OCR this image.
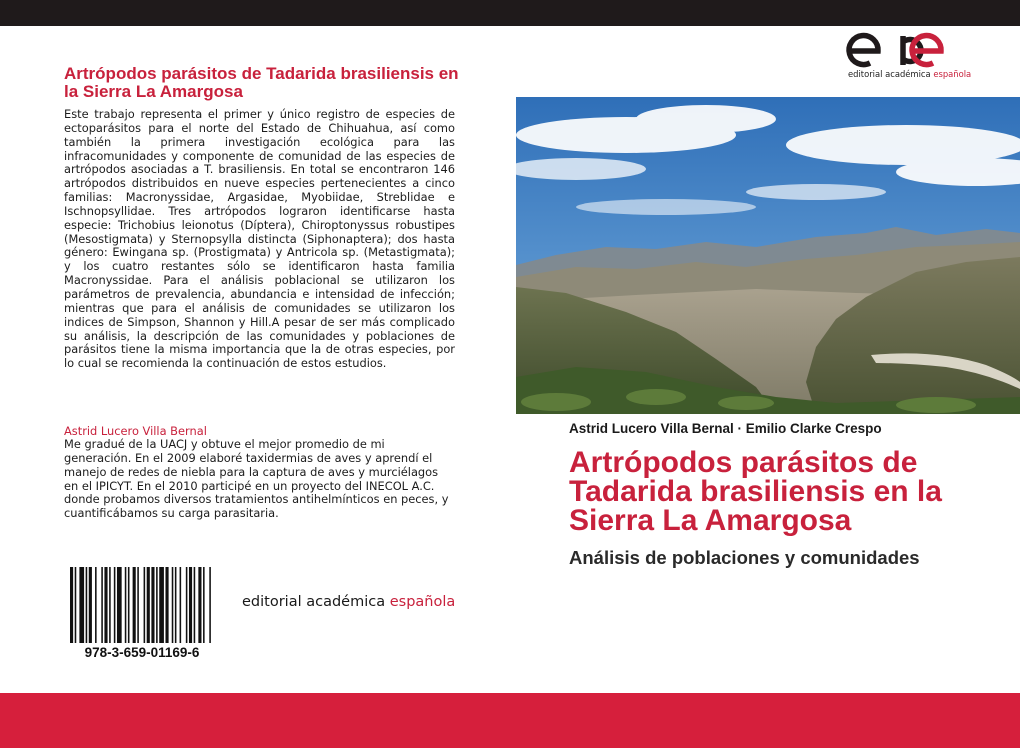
Artrópodos parásitos de Tadarida brasiliensis en la Sierra La Amargosa
Este trabajo representa el primer y único registro de especies de ectoparásitos para el norte del Estado de Chihuahua, así como también la primera investigación ecológica para las infracomunidades y componente de comunidad de las especies de artrópodos asociadas a T. brasiliensis. En total se encontraron 146 artrópodos distribuidos en nueve especies pertenecientes a cinco familias: Macronyssidae, Argasidae, Myobiidae, Streblidae e Ischnopsyllidae. Tres artrópodos lograron identificarse hasta especie: Trichobius leionotus (Díptera), Chiroptonyssus robustipes (Mesostigmata) y Sternopsylla distincta (Siphonaptera); dos hasta género: Ewingana sp. (Prostigmata) y Antricola sp. (Metastigmata); y los cuatro restantes sólo se identificaron hasta familia Macronyssidae. Para el análisis poblacional se utilizaron los parámetros de prevalencia, abundancia e intensidad de infección; mientras que para el análisis de comunidades se utilizaron los indices de Simpson, Shannon y Hill.A pesar de ser más complicado su análisis, la descripción de las comunidades y poblaciones de parásitos tiene la misma importancia que la de otras especies, por lo cual se recomienda la continuación de estos estudios.
Astrid Lucero Villa Bernal
Me gradué de la UACJ y obtuve el mejor promedio de mi generación. En el 2009 elaboré taxidermias de aves y aprendí el manejo de redes de niebla para la captura de aves y murciélagos en el IPICYT. En el 2010 participé en un proyecto del INECOL A.C. donde probamos diversos tratamientos antihelmínticos en peces, y cuantificábamos su carga parasitaria.
978-3-659-01169-6
editorial académica española
editorial académica española
Astrid Lucero Villa Bernal · Emilio Clarke Crespo
Artrópodos parásitos de Tadarida brasiliensis en la Sierra La Amargosa
Análisis de poblaciones y comunidades
